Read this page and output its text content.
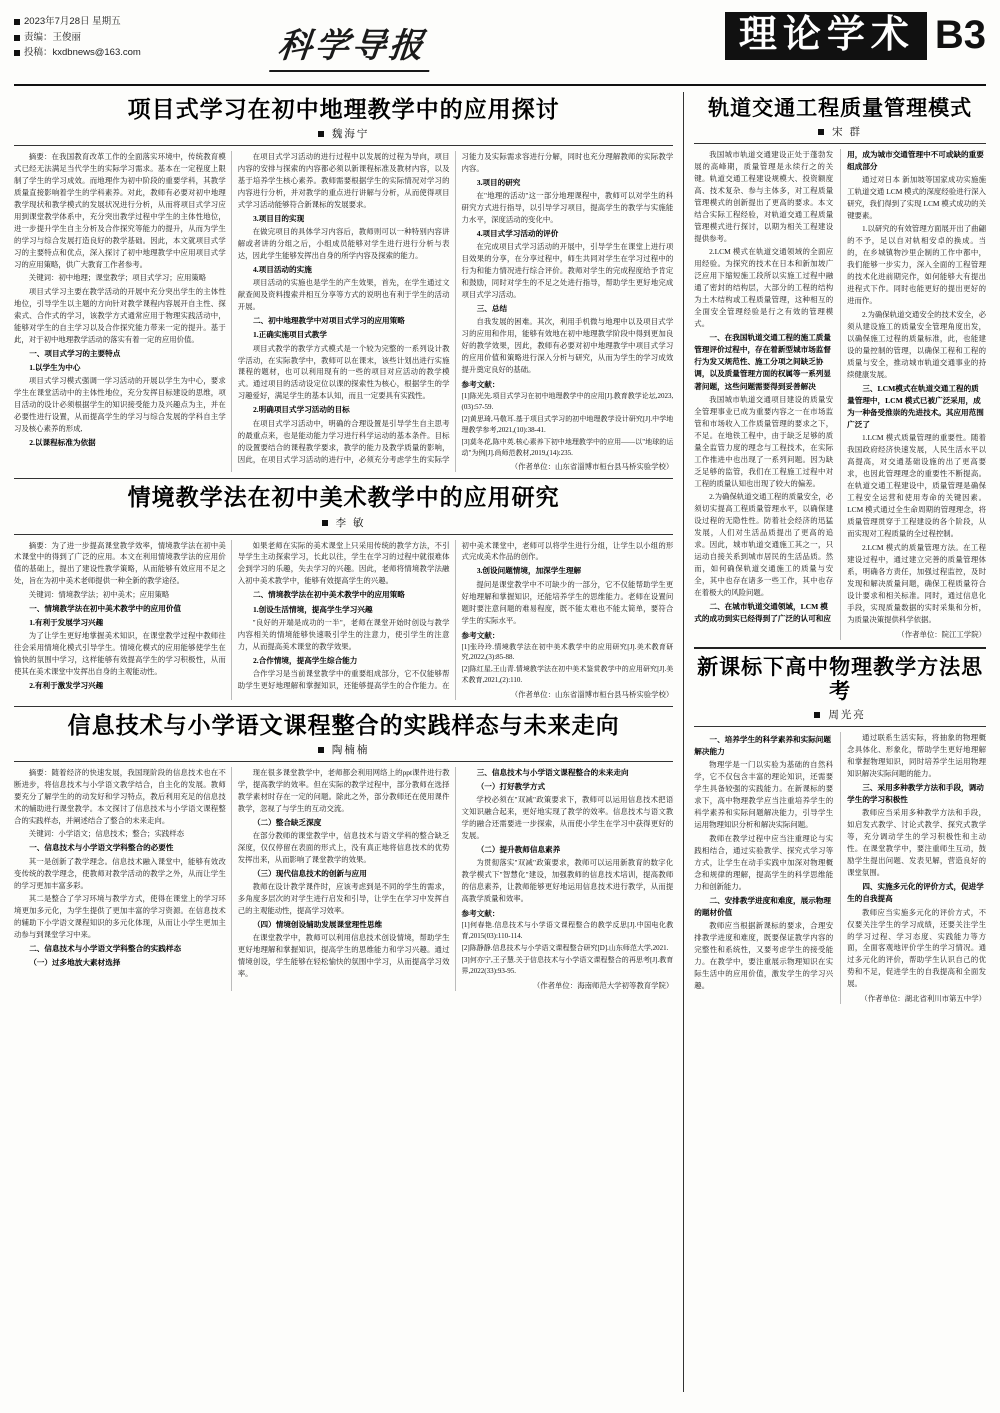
2023年7月28日 星期五
责编：王俊丽
投稿：kxdbnews@163.com	科学导报	理论学术 B3
项目式学习在初中地理教学中的应用探讨
魏海宁

摘要：在我国教育改革工作的全面落实环境中，传统教育模式已经无法满足当代学生的实际学习需求。基本在一定程度上限制了学生的学习成效。而地理作为初中阶段的重要学科，其教学质量直接影响着学生的学科素养。对此，教师有必要对初中地理教学现状和教学模式的发展状况进行分析，从而将项目式学习应用到课堂教学体系中，充分突出教学过程中学生的主体性地位，进一步提升学生自主分析及合作探究等能力的提升，从而为学生的学习与综合发展打造良好的教学基础。因此，本文就项目式学习的主要特点和优点，深入探讨了初中地理教学中应用项目式学习的应用策略，供广大教育工作者参考。

关键词：初中地理；课堂教学；项目式学习；应用策略

项目式学习主要在教学活动的开展中充分突出学生的主体性地位，引导学生以主题的方向针对教学课程内容展开自主性、探索式、合作式的学习，该教学方式通常应用于物理实践活动中，能够对学生的自主学习以及合作探究能力带来一定的提升。基于此，对于初中地理教学活动的落实有着一定的应用价值。

一、项目式学习的主要特点

1.以学生为中心

项目式学习模式强调一学习活动的开展以学生为中心，要求学生在课堂活动中的主体性地位，充分发挥目标建设的思维，项目活动的设计必须根据学生的知识接受能力及兴趣点为主，并在必要性进行设置，从而提高学生的学习与综合发展的学科自主学习及核心素养的形成,

2.以课程标准为依据

在项目式学习活动的进行过程中以发展的过程为导向，项目内容的安排与探索的内容都必须以新课程标准及教材内容，以及基于培养学生核心素养。教师需要根据学生的实际情况对学习的内容进行分析，并对教学的重点进行讲解与分析，从而使得项目式学习活动能够符合新课标的发展要求。

3.项目目的实现

在做完项目的具体学习内容后，教师则可以一种特别内容讲解或者讲的分组之后，小组成员能够对学生进行进行分析与表达，因此学生能够发挥出自身的所学内容及探索的能力。

4.项目活动的实施

项目活动的实施也是学生的产生效果，首先，在学生通过文献查阅及资料搜索并相互分享等方式的说明也有利于学生的活动开展。

二、初中地理教学中对项目式学习的应用策略

1.正确实施项目式教学

项目式教学的教学方式模式是一个较为完整的一系列设计教学活动，在实际教学中，教师可以在课末，该些计划出进行实施课程的题材，也可以利用现有的一些的项目对应活动的教学模式。通过项目的活动设定位以课的探索性为核心，根据学生的学习趣爱好，满足学生的基本认知，而且一定要具有实践性。

2.明确项目式学习活动的目标

在项目式学习活动中，明确的合理设置是引导学生自主思考的最重点来，也是能动能力学习进行科学运动的基本条件。目标的设置要结合的课程教学要求，教学的能力及教学质量的影响，因此，在项目式学习活动的进行中，必须充分考虑学生的实际学习能力及实际需求容进行分解，同时也充分理解教师的实际教学内容。

3.项目的研究

在"地理的活动"这一部分地理课程中，教师可以对学生的科研究方式进行指导，以引导学习项目，提高学生的教学与实施能力水平，深度活动的变化中。

4.项目式学习活动的评价

在完成项目式学习活动的开展中，引导学生在课堂上进行项目效果的分享，在分享过程中，师生共同对学生在学习过程中的行为和能力情况进行综合评价。教师对学生的完成程度给予肯定和鼓励，同时对学生的不足之处进行指导，帮助学生更好地完成项目式学习活动。

三、总结

自我发展的困难。其次，利用手机微与地理中以及项目式学习的应用和作用，能够有效地在初中地理教学阶段中得到更加良好的教学效果，因此，教师有必要对初中地理教学中项目式学习的应用价值和策略进行深入分析与研究，从而为学生的学习成效提升奠定良好的基础。

参考文献：

[1]陈光先.项目式学习在初中地理教学中的应用[J].教育教学论坛,2023,(03):57-59.

[2]黄思琦,马敬耳.基于项目式学习的初中地理教学设计研究[J].中学地理教学参考,2021,(10):38-41.

[3]莫冬花,陈中英.核心素养下初中地理教学中的应用——以"地球的运动"为例[J].尚师范教材,2019,(14):235.

（作者单位：山东省淄博市桓台县马桥实验学校）

情境教学法在初中美术教学中的应用研究
李 敏

摘要：为了进一步提高课堂教学效率，情境教学法在初中美术课堂中的得到了广泛的应用。本文在利用情境教学法的应用价值的基础上，提出了建设性教学策略，从而能够有效应用不足之处，旨在为初中美术老师提供一种全新的教学途径。

关键词：情境教学法；初中美术；应用策略

一、情境教学法在初中美术教学中的应用价值

1.有利于发展学习兴趣

为了让学生更好地掌握美术知识，在课堂教学过程中教师往往会采用情境化模式引导学生。情境化模式的应用能够使学生在愉快的氛围中学习，这样能够有效提高学生的学习积极性，从而使其在美术课堂中发挥出自身的主观能动性。

2.有利于激发学习兴趣

如果老师在实际的美术课堂上只采用传统的教学方法，不引导学生主动探索学习，长此以往，学生在学习的过程中就很难体会到学习的乐趣，失去学习的兴趣。因此，老师将情境教学法融入初中美术教学中，能够有效提高学生的兴趣。

二、情境教学法在初中美术教学中的应用策略

1.创设生活情境，提高学生学习兴趣

"良好的开端是成功的一半"，老师在课堂开始时创设与教学内容相关的情境能够快速吸引学生的注意力，使引学生的注意力，从而提高美术课堂的教学效果。

2.合作情境，提高学生综合能力

合作学习是当前课堂教学中的重要组成部分，它不仅能够帮助学生更好地理解和掌握知识，还能够提高学生的合作能力。在初中美术课堂中，老师可以将学生进行分组，让学生以小组的形式完成美术作品的创作。

3.创设问题情境，加深学生理解

提问是课堂教学中不可缺少的一部分，它不仅能帮助学生更好地理解和掌握知识，还能培养学生的思维能力。老师在设置问题时要注意问题的难易程度，既不能太难也不能太简单，要符合学生的实际水平。

参考文献：

[1]张玲玲.情境教学法在初中美术教学中的应用研究[J].美术教育研究,2022,(3):85-88.

[2]陈红星,王山青.情境教学法在初中美术鉴赏教学中的应用研究[J].美术教育,2021,(2):110.

（作者单位：山东省淄博市桓台县马桥实验学校）

信息技术与小学语文课程整合的实践样态与未来走向
陶楠楠

摘要：随着经济的快速发展，我国现阶段的信息技术也在不断进步，将信息技术与小学语文教学结合，自主化的发展。教师要充分了解学生的的动发好和学习特点，教后利用充足的信息技术的辅助进行课堂教学。本文探讨了信息技术与小学语文课程整合的实践样态，并阐述结合了整合的未来走向。

关键词：小学语文；信息技术；整合；实践样态

一、信息技术与小学语文学科整合的必要性

其一是创新了教学理念。信息技术融入课堂中，能够有效改变传统的教学理念，使教师对教学活动的教学之外，从而让学生的学习更加丰富多彩。

其二是整合了学习环境与教学方式，使得在课堂上的学习环境更加多元化，为学生提供了更加丰富的学习资源。在信息技术的辅助下小学语文课程知识的多元化体现，从而让小学生更加主动参与到课堂学习中来。

二、信息技术与小学语文学科整合的实践样态

（一）过多地放大素材选择

现在很多课堂教学中，老师都会利用网络上的ppt课件进行教学，提高教学的效率。但在实际的教学过程中，部分教师在选择教学素材时存在一定的问题。除此之外，部分教师还在使用课件教学，忽视了与学生的互动交流。

（二）整合缺乏深度

在部分教师的课堂教学中，信息技术与语文学科的整合缺乏深度，仅仅停留在表面的形式上，没有真正地将信息技术的优势发挥出来，从而影响了课堂教学的效果。

（三）现代信息技术的创新与应用

教师在设计教学课件时，应该考虑到是不同的学生的需求，多角度多层次的对学生进行启发和引导，让学生在学习中发挥自己的主观能动性，提高学习效率。

（四）情境创设辅助发展课堂理性思维

在课堂教学中，教师可以利用信息技术创设情境，帮助学生更好地理解和掌握知识，提高学生的思维能力和学习兴趣。通过情境创设，学生能够在轻松愉快的氛围中学习，从而提高学习效率。

三、信息技术与小学语文课程整合的未来走向

（一）打好教学方式

学校必须在"双减"政策要求下，教师可以运用信息技术把语文知识融合起来，更好地实现了教学的效率。信息技术与语文教学的融合还需要进一步探索，从而使小学生在学习中获得更好的发展。

（二）提升教师信息素养

为贯彻落实"双减"政策要求，教师可以运用新教育的数字化教学模式下"智慧化"建设，加强教师的信息技术培训，提高教师的信息素养，让教师能够更好地运用信息技术进行教学，从而提高教学质量和效率。

参考文献：

[1]何春艳.信息技术与小学语文课程整合的教学反思[J].中国电化教育,2015(03):110-114.

[2]陈静静.信息技术与小学语文课程整合研究[D].山东师范大学,2021.

[3]何亦宁,王子慧.关于信息技术与小学语文课程整合的再思考[J].教育界,2022(33):93-95.

（作者单位：海南师范大学初等教育学院）

轨道交通工程质量管理模式
宋 群

我国城市轨道交通建设正处于蓬勃发展的高峰期，质量管理是永续行之的关键。轨道交通工程建设规模大、投资额度高、技术复杂、参与主体多，对工程质量管理模式的创新提出了更高的要求。本文结合实际工程经验，对轨道交通工程质量管理模式进行探讨，以期为相关工程建设提供参考。

2.LCM 模式在轨道交通领域的全面应用经验。为探究的技术在日本和新加坡广泛应用下缩短施工段所以实施工过程中融通了密封的结构层，大部分的工程的结构为土木结构或工程质量管理，这种相互的全面安全管理经验是行之有效的管理模式。

一、在我国轨道交通工程的施工质量管理评价过程中，存在着新型城市场监督行为发又规范性、施工分项之间缺乏协调，以及质量管理方面的权属等一系列显著问题，这些问题需要得到妥善解决

我国城市轨道交通项目建设的质量安全管理事业已成为重要内容之一在市场监管和市场收入工作质量管理的要求之下，不足。在地铁工程中，由于缺乏足够的质量全监管力度的理念与工程技术，在实际工作推进中也出现了一系列问题。因为缺乏足够的监管，我们在工程施工过程中对工程的质量认知也出现了较大的偏差。

2.为确保轨道交通工程的质量安全，必须切实提高工程质量管理水平，以确保建设过程的无隐性性。防着社会经济的迅猛发展，人们对生活品质提出了更高的追求。因此，城市轨道交通施工其之一，只运动自接关系到城市居民的生活品质。然而，如何确保轨道交通施工的质量与安全，其中也存在诸多一些工作，其中也存在着极大的风险问题。

二、在城市轨道交通领域，LCM 模式的成功到实已经得到了广泛的认可和应用，成为城市交通管理中不可或缺的重要组成部分

通过对日本 新加坡等国家成功实施施工轨道交通 LCM 模式的深度经验进行深入研究，我们得到了实现 LCM 模式成功的关键要素。

1.以研究的有效管理方面展开出了曲翩的不予，足以自对轨相安卓的换成。当的，在乡城镇物沙里企制的工作中都中，我们能够一步实力，深入全面的工程管理的技术化进前期完作，如何能够大有提出进程式下作。同时也能更好的提出更好的进而作。

2.为确保轨道交通安全的技术安全，必须从建设施工的质量安全管理角度出发，以确保施工过程的质量标准，此，也能建设的量控制的管理，以确保工程和工程的质量与安全，推动城市轨道交通事业的持续健康发展。

三、LCM模式在轨道交通工程的质量管理中，LCM 模式已被广泛采用，成为一种备受推崇的先进技术。其应用范围广泛了

1.LCM 模式质量管理的重要性。随着我国政府经济快速发展，人民生活水平以高提高，对交通基础设施的出了更高要求，也因此管理理念的重要性不断提高。在轨道交通工程建设中，质量管理是确保工程安全运营和使用寿命的关键因素。LCM 模式通过全生命周期的管理理念，将质量管理贯穿于工程建设的各个阶段，从而实现对工程质量的全过程控制。

2.LCM 模式的质量管理方法。在工程建设过程中，通过建立完善的质量管理体系，明确各方责任，加强过程监控，及时发现和解决质量问题，确保工程质量符合设计要求和相关标准。同时，通过信息化手段，实现质量数据的实时采集和分析，为质量决策提供科学依据。

（作者单位：院江工学院）

新课标下高中物理教学方法思考
周光亮

一、培养学生的科学素养和实际问题解决能力

物理学是一门以实验为基础的自然科学，它不仅包含丰富的理论知识，还需要学生具备较强的实践能力。在新课标的要求下，高中物理教学应当注重培养学生的科学素养和实际问题解决能力，引导学生运用物理知识分析和解决实际问题。

教师在教学过程中应当注重理论与实践相结合，通过实验教学、探究式学习等方式，让学生在动手实践中加深对物理概念和规律的理解，提高学生的科学思维能力和创新能力。

二、安排教学进度和难度，展示物理的题材价值

教师应当根据新课标的要求，合理安排教学进度和难度，既要保证教学内容的完整性和系统性，又要考虑学生的接受能力。在教学中，要注重展示物理知识在实际生活中的应用价值，激发学生的学习兴趣。

通过联系生活实际，将抽象的物理概念具体化、形象化，帮助学生更好地理解和掌握物理知识，同时培养学生运用物理知识解决实际问题的能力。

三、采用多种教学方法和手段，调动学生的学习积极性

教师应当采用多种教学方法和手段，如启发式教学、讨论式教学、探究式教学等，充分调动学生的学习积极性和主动性。在课堂教学中，要注重师生互动，鼓励学生提出问题、发表见解，营造良好的课堂氛围。

四、实施多元化的评价方式，促进学生的自我提高

教师应当实施多元化的评价方式，不仅要关注学生的学习成绩，还要关注学生的学习过程、学习态度、实践能力等方面，全面客观地评价学生的学习情况。通过多元化的评价，帮助学生认识自己的优势和不足，促进学生的自我提高和全面发展。

（作者单位：湖北省利川市第五中学）
